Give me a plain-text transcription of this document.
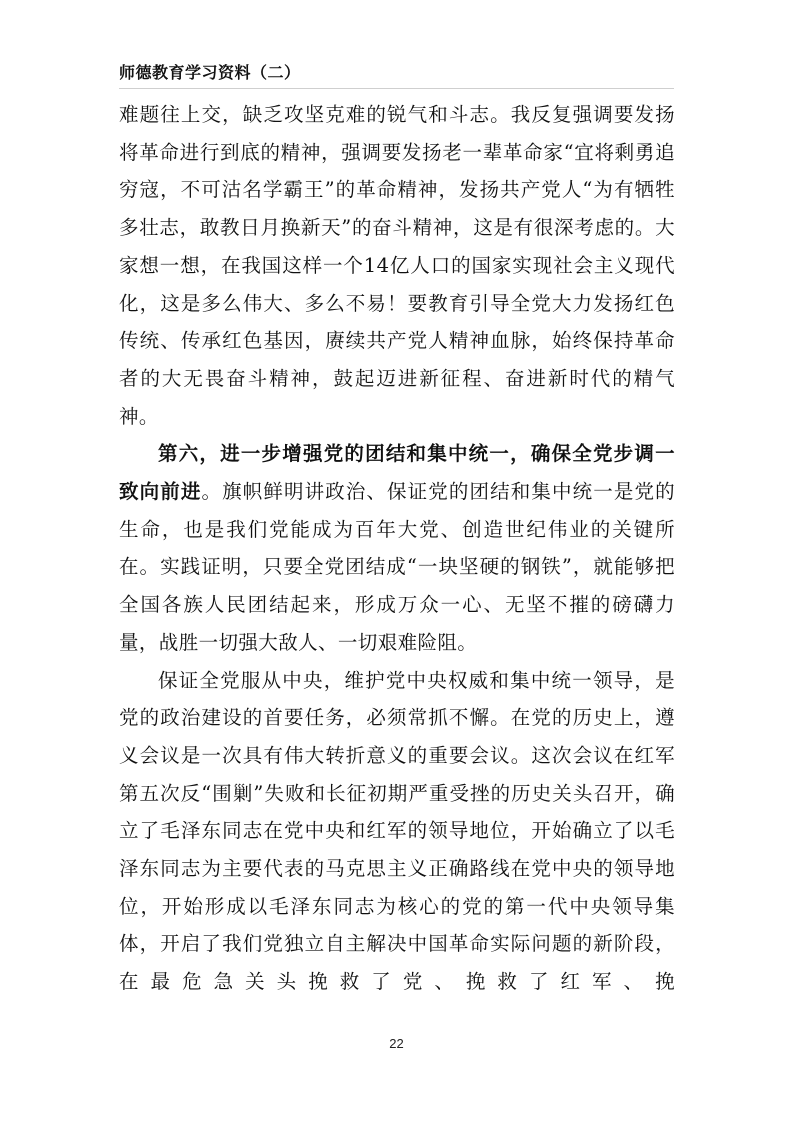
师德教育学习资料（二）

难题往上交，缺乏攻坚克难的锐气和斗志。我反复强调要发扬将革命进行到底的精神，强调要发扬老一辈革命家“宜将剩勇追穷寇，不可沽名学霸王”的革命精神，发扬共产党人“为有牺牲多壮志，敢教日月换新天”的奋斗精神，这是有很深考虑的。大家想一想，在我国这样一个14亿人口的国家实现社会主义现代化，这是多么伟大、多么不易！要教育引导全党大力发扬红色传统、传承红色基因，赓续共产党人精神血脉，始终保持革命者的大无畏奋斗精神，鼓起迈进新征程、奋进新时代的精气神。

第六，进一步增强党的团结和集中统一，确保全党步调一致向前进。旗帜鲜明讲政治、保证党的团结和集中统一是党的生命，也是我们党能成为百年大党、创造世纪伟业的关键所在。实践证明，只要全党团结成“一块坚硬的钢铁”，就能够把全国各族人民团结起来，形成万众一心、无坚不摧的磅礴力量，战胜一切强大敌人、一切艰难险阻。

保证全党服从中央，维护党中央权威和集中统一领导，是党的政治建设的首要任务，必须常抓不懈。在党的历史上，遵义会议是一次具有伟大转折意义的重要会议。这次会议在红军第五次反“围剿”失败和长征初期严重受挫的历史关头召开，确立了毛泽东同志在党中央和红军的领导地位，开始确立了以毛泽东同志为主要代表的马克思主义正确路线在党中央的领导地位，开始形成以毛泽东同志为核心的党的第一代中央领导集体，开启了我们党独立自主解决中国革命实际问题的新阶段，在最危急关头挽救了党、挽救了红军、挽

22
